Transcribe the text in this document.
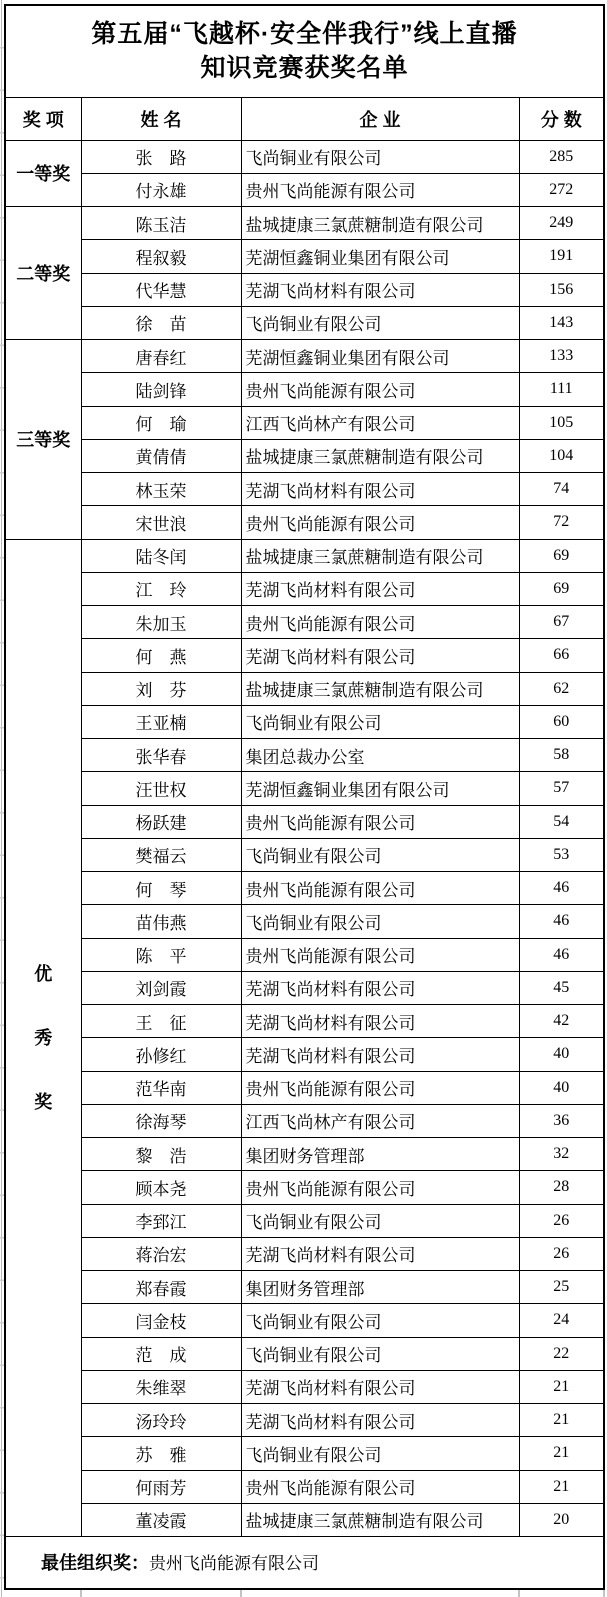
第五届“飞越杯·安全伴我行”线上直播
知识竞赛获奖名单			

奖 项	姓 名	企 业	分 数
一等奖	张　路	飞尚铜业有限公司	285
	付永雄	贵州飞尚能源有限公司	272
二等奖	陈玉洁	盐城捷康三氯蔗糖制造有限公司	249
	程叙毅	芜湖恒鑫铜业集团有限公司	191
	代华慧	芜湖飞尚材料有限公司	156
	徐　苗	飞尚铜业有限公司	143
三等奖	唐春红	芜湖恒鑫铜业集团有限公司	133
	陆剑锋	贵州飞尚能源有限公司	111
	何　瑜	江西飞尚林产有限公司	105
	黄倩倩	盐城捷康三氯蔗糖制造有限公司	104
	林玉荣	芜湖飞尚材料有限公司	74
	宋世浪	贵州飞尚能源有限公司	72

优
秀
奖	陆冬闰	盐城捷康三氯蔗糖制造有限公司	69
	江　玲	芜湖飞尚材料有限公司	69
	朱加玉	贵州飞尚能源有限公司	67
	何　燕	芜湖飞尚材料有限公司	66
	刘　芬	盐城捷康三氯蔗糖制造有限公司	62
	王亚楠	飞尚铜业有限公司	60
	张华春	集团总裁办公室	58
	汪世权	芜湖恒鑫铜业集团有限公司	57
	杨跃建	贵州飞尚能源有限公司	54
	樊福云	飞尚铜业有限公司	53
	何　琴	贵州飞尚能源有限公司	46
	苗伟燕	飞尚铜业有限公司	46
	陈　平	贵州飞尚能源有限公司	46
	刘剑霞	芜湖飞尚材料有限公司	45
	王　征	芜湖飞尚材料有限公司	42
	孙修红	芜湖飞尚材料有限公司	40
	范华南	贵州飞尚能源有限公司	40
	徐海琴	江西飞尚林产有限公司	36
	黎　浩	集团财务管理部	32
	顾本尧	贵州飞尚能源有限公司	28
	李郅江	飞尚铜业有限公司	26
	蒋治宏	芜湖飞尚材料有限公司	26
	郑春霞	集团财务管理部	25
	闫金枝	飞尚铜业有限公司	24
	范　成	飞尚铜业有限公司	22
	朱维翠	芜湖飞尚材料有限公司	21
	汤玲玲	芜湖飞尚材料有限公司	21
	苏　雅	飞尚铜业有限公司	21
	何雨芳	贵州飞尚能源有限公司	21
	董凌霞	盐城捷康三氯蔗糖制造有限公司	20
最佳组织奖：贵州飞尚能源有限公司			
